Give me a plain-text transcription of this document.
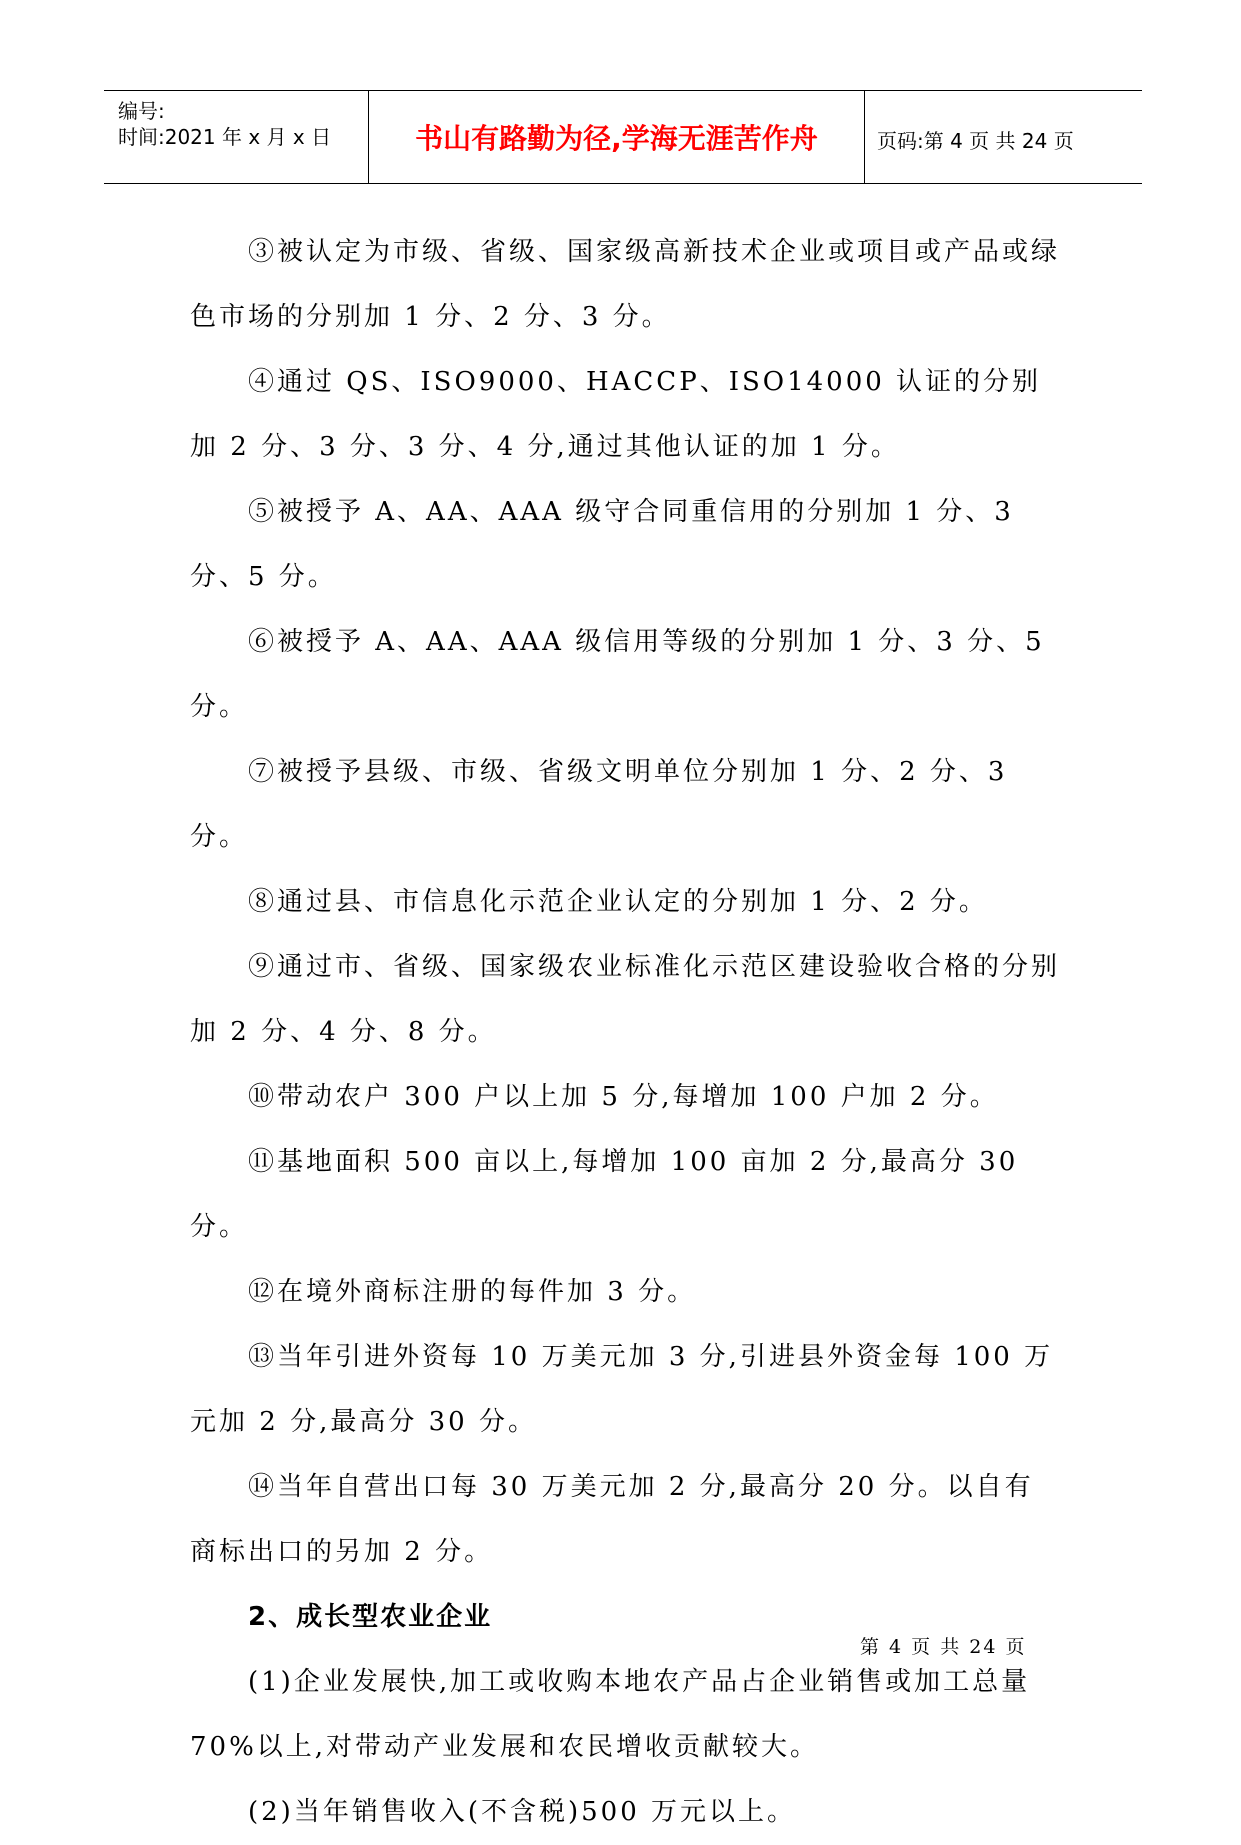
编号:
时间:2021 年 x 月 x 日	书山有路勤为径,学海无涯苦作舟	页码:第 4 页 共 24 页

③被认定为市级、省级、国家级高新技术企业或项目或产品或绿色市场的分别加 1 分、2 分、3 分。

④通过 QS、ISO9000、HACCP、ISO14000 认证的分别加 2 分、3 分、3 分、4 分,通过其他认证的加 1 分。

⑤被授予 A、AA、AAA 级守合同重信用的分别加 1 分、3 分、5 分。

⑥被授予 A、AA、AAA 级信用等级的分别加 1 分、3 分、5 分。

⑦被授予县级、市级、省级文明单位分别加 1 分、2 分、3 分。

⑧通过县、市信息化示范企业认定的分别加 1 分、2 分。

⑨通过市、省级、国家级农业标准化示范区建设验收合格的分别加 2 分、4 分、8 分。

⑩带动农户 300 户以上加 5 分,每增加 100 户加 2 分。

⑪基地面积 500 亩以上,每增加 100 亩加 2 分,最高分 30 分。

⑫在境外商标注册的每件加 3 分。

⑬当年引进外资每 10 万美元加 3 分,引进县外资金每 100 万元加 2 分,最高分 30 分。

⑭当年自营出口每 30 万美元加 2 分,最高分 20 分。以自有商标出口的另加 2 分。

2、成长型农业企业

(1)企业发展快,加工或收购本地农产品占企业销售或加工总量 70%以上,对带动产业发展和农民增收贡献较大。

(2)当年销售收入(不含税)500 万元以上。

第 4 页 共 24 页
